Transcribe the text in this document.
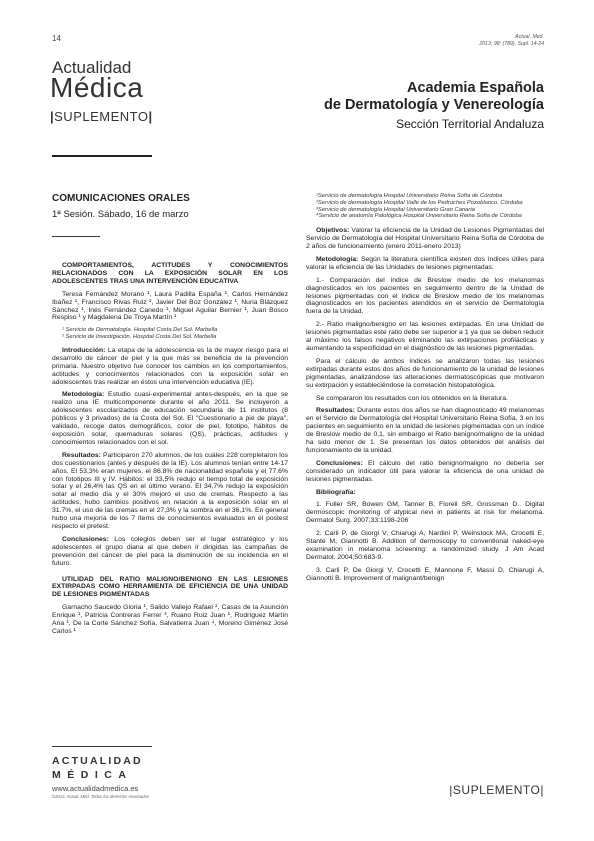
14	Actual. Med.
2013; 98: (789). Supl. 14-24
Actualidad
Médica
|SUPLEMENTO|
Academia Española
de Dermatología y Venereología
Sección Territorial Andaluza
COMUNICACIONES ORALES
1ª Sesión. Sábado, 16 de marzo

COMPORTAMIENTOS, ACTITUDES Y CONOCIMIENTOS RELACIONADOS CON LA EXPOSICIÓN SOLAR EN LOS ADOLESCENTES TRAS UNA INTERVENCIÓN EDUCATIVA

Teresa Fernández Morano ¹, Laura Padilla España ¹, Carlos Hernández Ibáñez ¹, Francisco Rivas Ruiz ², Javier Del Boz González ¹, Nuria Blázquez Sánchez ¹, Inés Fernández Canedo ¹, Miguel Aguilar Bernier ¹, Juan Bosco Respiso ¹ y Magdalena De Troya Martín ¹

¹ Servicio de Dermatología. Hospital Costa Del Sol. Marbella
² Servicio de Investigación. Hospital Costa Del Sol. Marbella

Introducción: La etapa de la adolescencia es la de mayor riesgo para el desarrollo de cáncer de piel y la que más se beneficia de la prevención primaria. Nuestro objetivo fue conocer los cambios en los comportamientos, actitudes y conocimientos relacionados con la exposición solar en adolescentes tras realizar en éstos una intervención educativa (IE).

Metodología: Estudio cuasi-experimental antes-después, en la que se realizó una IE multicomponente durante el año 2011. Se incluyeron a adolescentes escolarizados de educación secundaria de 11 institutos (8 públicos y 3 privados) de la Costa del Sol. El "Cuestionario a pie de playa", validado, recoge datos demográficos, color de piel, fototipo, hábitos de exposición solar, quemaduras solares (QS), prácticas, actitudes y conocimientos relacionados con el sol.

Resultados: Participaron 270 alumnos, de los cuáles 228 completaron los dos cuestionarios (antes y después de la IE). Los alumnos tenían entre 14-17 años. El 53,3% eran mujeres, el 86.8% de nacionalidad española y el 77.6% con fototipos III y IV. Hábitos: el 33,5% redujo el tiempo total de exposición solar y el 26,4% las QS en el último verano. El 34.7% redujo la exposición solar al medio día y el 30% mejoró el uso de cremas. Respecto a las actitudes, hubo cambios positivos en relación a la exposición solar en el 31.7%, el uso de las cremas en el 27,3% y la sombra en el 36,1%. En general hubo una mejoría de los 7 ítems de conocimientos evaluados en el postest respecto el pretest.

Conclusiones: Los colegios deben ser el lugar estratégico y los adolescentes el grupo diana al que deben ir dirigidas las campañas de prevención del cáncer de piel para la disminución de su incidencia en el futuro.

UTILIDAD DEL RATIO MALIGNO/BENIGNO EN LAS LESIONES EXTIRPADAS COMO HERRAMIENTA DE EFICIENCIA DE UNA UNIDAD DE LESIONES PIGMENTADAS

Garnacho Saucedo Gloria ¹, Salido Vallejo Rafael ², Casas de la Asunción Enrique ¹, Patricia Contreras Ferrer ³, Ruano Ruiz Juan ¹, Rodríguez Martín Ana ¹, De la Corte Sánchez Sofía, Salvatierra Juan ⁴, Moreno Giménez José Carlos ¹

¹Servicio de dermatología Hospital Universitario Reina Sofía de Córdoba
²Servicio de dermatología Hospital Valle de los Pedroches Pozoblanco. Córdoba
³Servicio de dermatología Hospital Universitario Gran Canaria
⁴Servicio de anatomía Patológica Hospital Universitario Reina Sofía de Córdoba

Objetivos: Valorar la eficiencia de la Unidad de Lesiones Pigmentadas del Servicio de Dermatología del Hospital Universitario Reina Sofía de Córdoba de 2 años de funcionamiento (enero 2011-enero 2013)

Metodología: Según la literatura científica existen dos índices útiles para valorar la eficiencia de las Unidades de lesiones pigmentadas:

1.- Comparación del índice de Breslow medio de los melanomas diagnosticados en los pacientes en seguimiento dentro de la Unidad de lesiones pigmentadas con el índice de Breslow medio de los melanomas diagnosticados en los pacientes atendidos en el servicio de Dermatología fuera de la Unidad.

2.- Ratio maligno/benigno en las lesiones extirpadas. En una Unidad de lesiones pigmentadas este ratio debe ser superior a 1 ya que se deben reducir al máximo los falsos negativos eliminando las extirpaciones profilácticas y aumentando la especificidad en el diagnóstico de las lesiones pigmentadas.

Para el cálculo de ambos índices se analizaron todas las lesiones extirpadas durante estos dos años de funcionamiento de la unidad de lesiones pigmentadas, analizándose las alteraciones dermatoscópicas que motivaron su extirpación y estableciéndose la correlación histopatológica.

Se compararon los resultados con los obtenidos en la literatura.

Resultados: Durante estos dos años se han diagnosticado 49 melanomas en el Servicio de Dermatología del Hospital Universitario Reina Sofía, 3 en los pacientes en seguimiento en la unidad de lesiones pigmentadas con un índice de Breslow medio de 0,1, sin embargo el Ratio benigno/maligno de la unidad ha sido menor de 1. Se presentan los datos obtenidos del análisis del funcionamiento de la unidad.

Conclusiones: El cálculo del ratio benigno/maligno no debería ser considerado un indicador útil para valorar la eficiencia de una unidad de lesiones pigmentadas.

Bibliografía:

1. Fuller SR, Bowen GM, Tanner B, Florell SR, Grossman D.. Digital dermoscopic monitoring of atypical nevi in patients at risk for melanoma. Dermatol Surg. 2007;33:1198-206

2. Carli P, de Giorgi V, Chiarugi A, Nardini P, Weinstock MA, Crocetti E, Stante M, Giannotti B. Addition of dermoscopy to conventional naked-eye examination in melanoma screening: a randomized study. J Am Acad Dermatol. 2004;50:683-9.

3. Carli P, De Giorgi V, Crocetti E, Mannone F, Massi D, Chiarugi A, Giannotti B. Improvement of malignant/benign

ACTUALIDAD
MÉDICA
www.actualidadmedica.es
©2013. Actual. Med. Todos los derechos reservados	|SUPLEMENTO|
